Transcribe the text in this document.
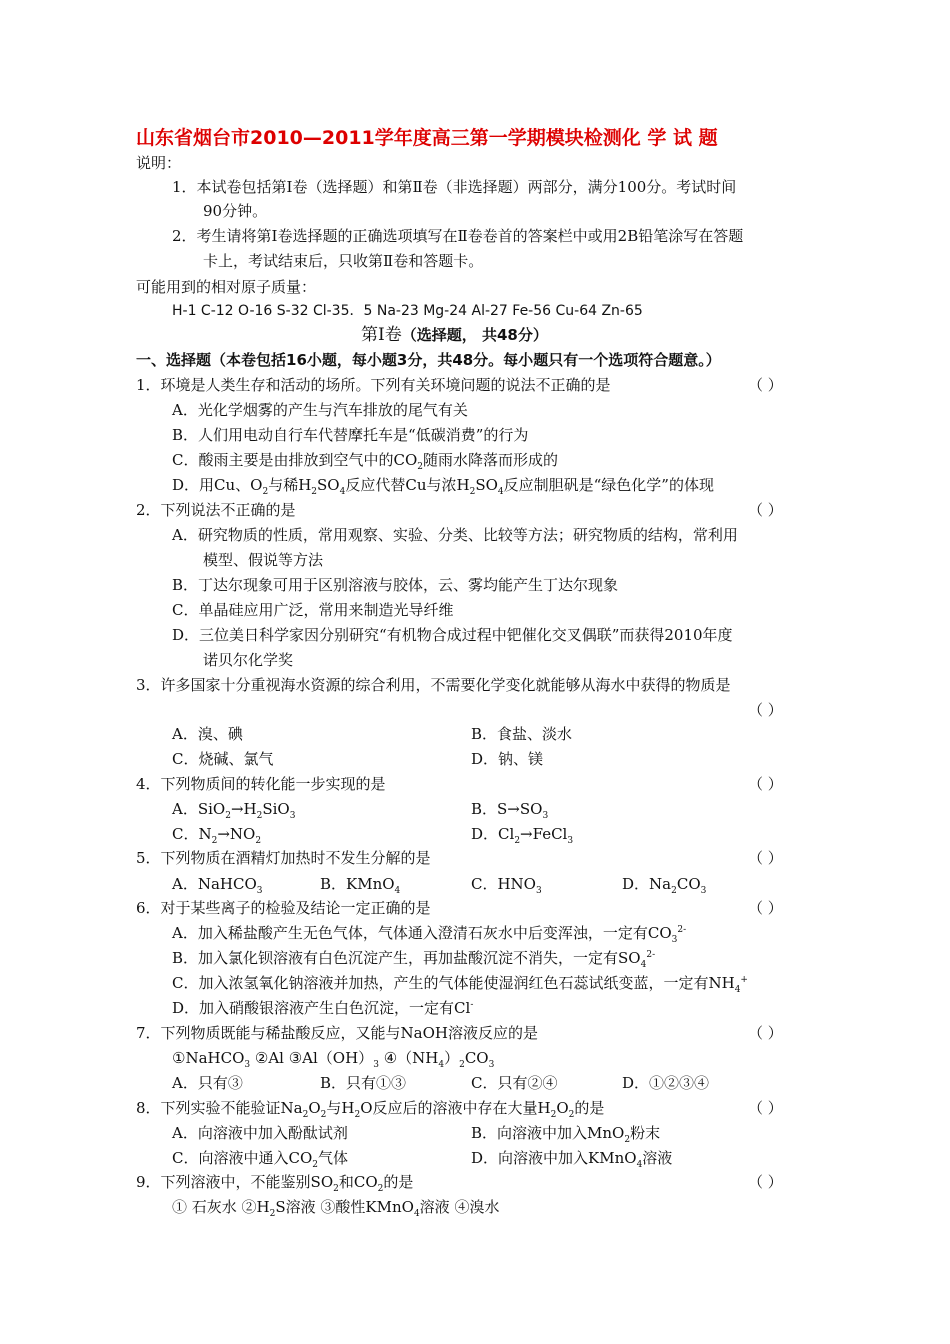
山东省烟台市2010—2011学年度高三第一学期模块检测化 学 试 题
说明：
1．本试卷包括第Ⅰ卷（选择题）和第Ⅱ卷（非选择题）两部分，满分100分。考试时间
90分钟。
2．考生请将第Ⅰ卷选择题的正确选项填写在Ⅱ卷卷首的答案栏中或用2B铅笔涂写在答题
卡上，考试结束后，只收第Ⅱ卷和答题卡。
可能用到的相对原子质量：
H-1 C-12 O-16 S-32 Cl-35．5 Na-23 Mg-24 Al-27 Fe-56 Cu-64 Zn-65
第Ⅰ卷（选择题， 共48分）
一、选择题（本卷包括16小题，每小题3分，共48分。每小题只有一个选项符合题意。）
1．环境是人类生存和活动的场所。下列有关环境问题的说法不正确的是	（ ）
A．光化学烟雾的产生与汽车排放的尾气有关
B．人们用电动自行车代替摩托车是“低碳消费”的行为
C．酸雨主要是由排放到空气中的$CO_2$随雨水降落而形成的
D．用Cu、$O_2$与稀$H_2SO_4$反应代替Cu与浓$H_2SO_4$反应制胆矾是“绿色化学”的体现
2．下列说法不正确的是	（ ）
A．研究物质的性质，常用观察、实验、分类、比较等方法；研究物质的结构，常利用
模型、假说等方法
B．丁达尔现象可用于区别溶液与胶体，云、雾均能产生丁达尔现象
C．单晶硅应用广泛，常用来制造光导纤维
D．三位美日科学家因分别研究“有机物合成过程中钯催化交叉偶联”而获得2010年度
诺贝尔化学奖
3．许多国家十分重视海水资源的综合利用，不需要化学变化就能够从海水中获得的物质是
（ ）
A．溴、碘	B．食盐、淡水
C．烧碱、氯气	D．钠、镁
4．下列物质间的转化能一步实现的是	（ ）
A．$SiO_2\to H_2SiO_3$	B．$S\to SO_3$
C．$N_2\to NO_2$	D．$Cl_2\to FeCl_3$
5．下列物质在酒精灯加热时不发生分解的是	（ ）
A．NaHCO$_3$	B．KMnO$_4$	C．$HNO_3$	D．$Na_2CO_3$
6．对于某些离子的检验及结论一定正确的是	（ ）
A．加入稀盐酸产生无色气体，气体通入澄清石灰水中后变浑浊，一定有$CO_3^{2-}$
B．加入氯化钡溶液有白色沉淀产生，再加盐酸沉淀不消失，一定有$SO_4^{2-}$
C．加入浓氢氧化钠溶液并加热，产生的气体能使湿润红色石蕊试纸变蓝，一定有$NH_4^+$
D．加入硝酸银溶液产生白色沉淀，一定有Cl-
7．下列物质既能与稀盐酸反应，又能与NaOH溶液反应的是	（ ）
①NaHCO$_3$ ②Al $③Al(OH)_3$ $④(NH_4)_2CO_3$
A．只有③	B．只有①③	C．只有②④	D．①②③④
8．下列实验不能验证$Na_2O_2$与$H_2O$反应后的溶液中存在大量$H_2O_2$的是	（ ）
A．向溶液中加入酚酞试剂	B．向溶液中加入MnO$_2$粉末
C．向溶液中通入$CO_2$气体	D．向溶液中加入KMnO$_4$溶液
9．下列溶液中，不能鉴别$SO_2$和$CO_2$的是	（ ）
① 石灰水 $②H_2S$溶液 ③酸性KMnO$_4$溶液 ④溴水
